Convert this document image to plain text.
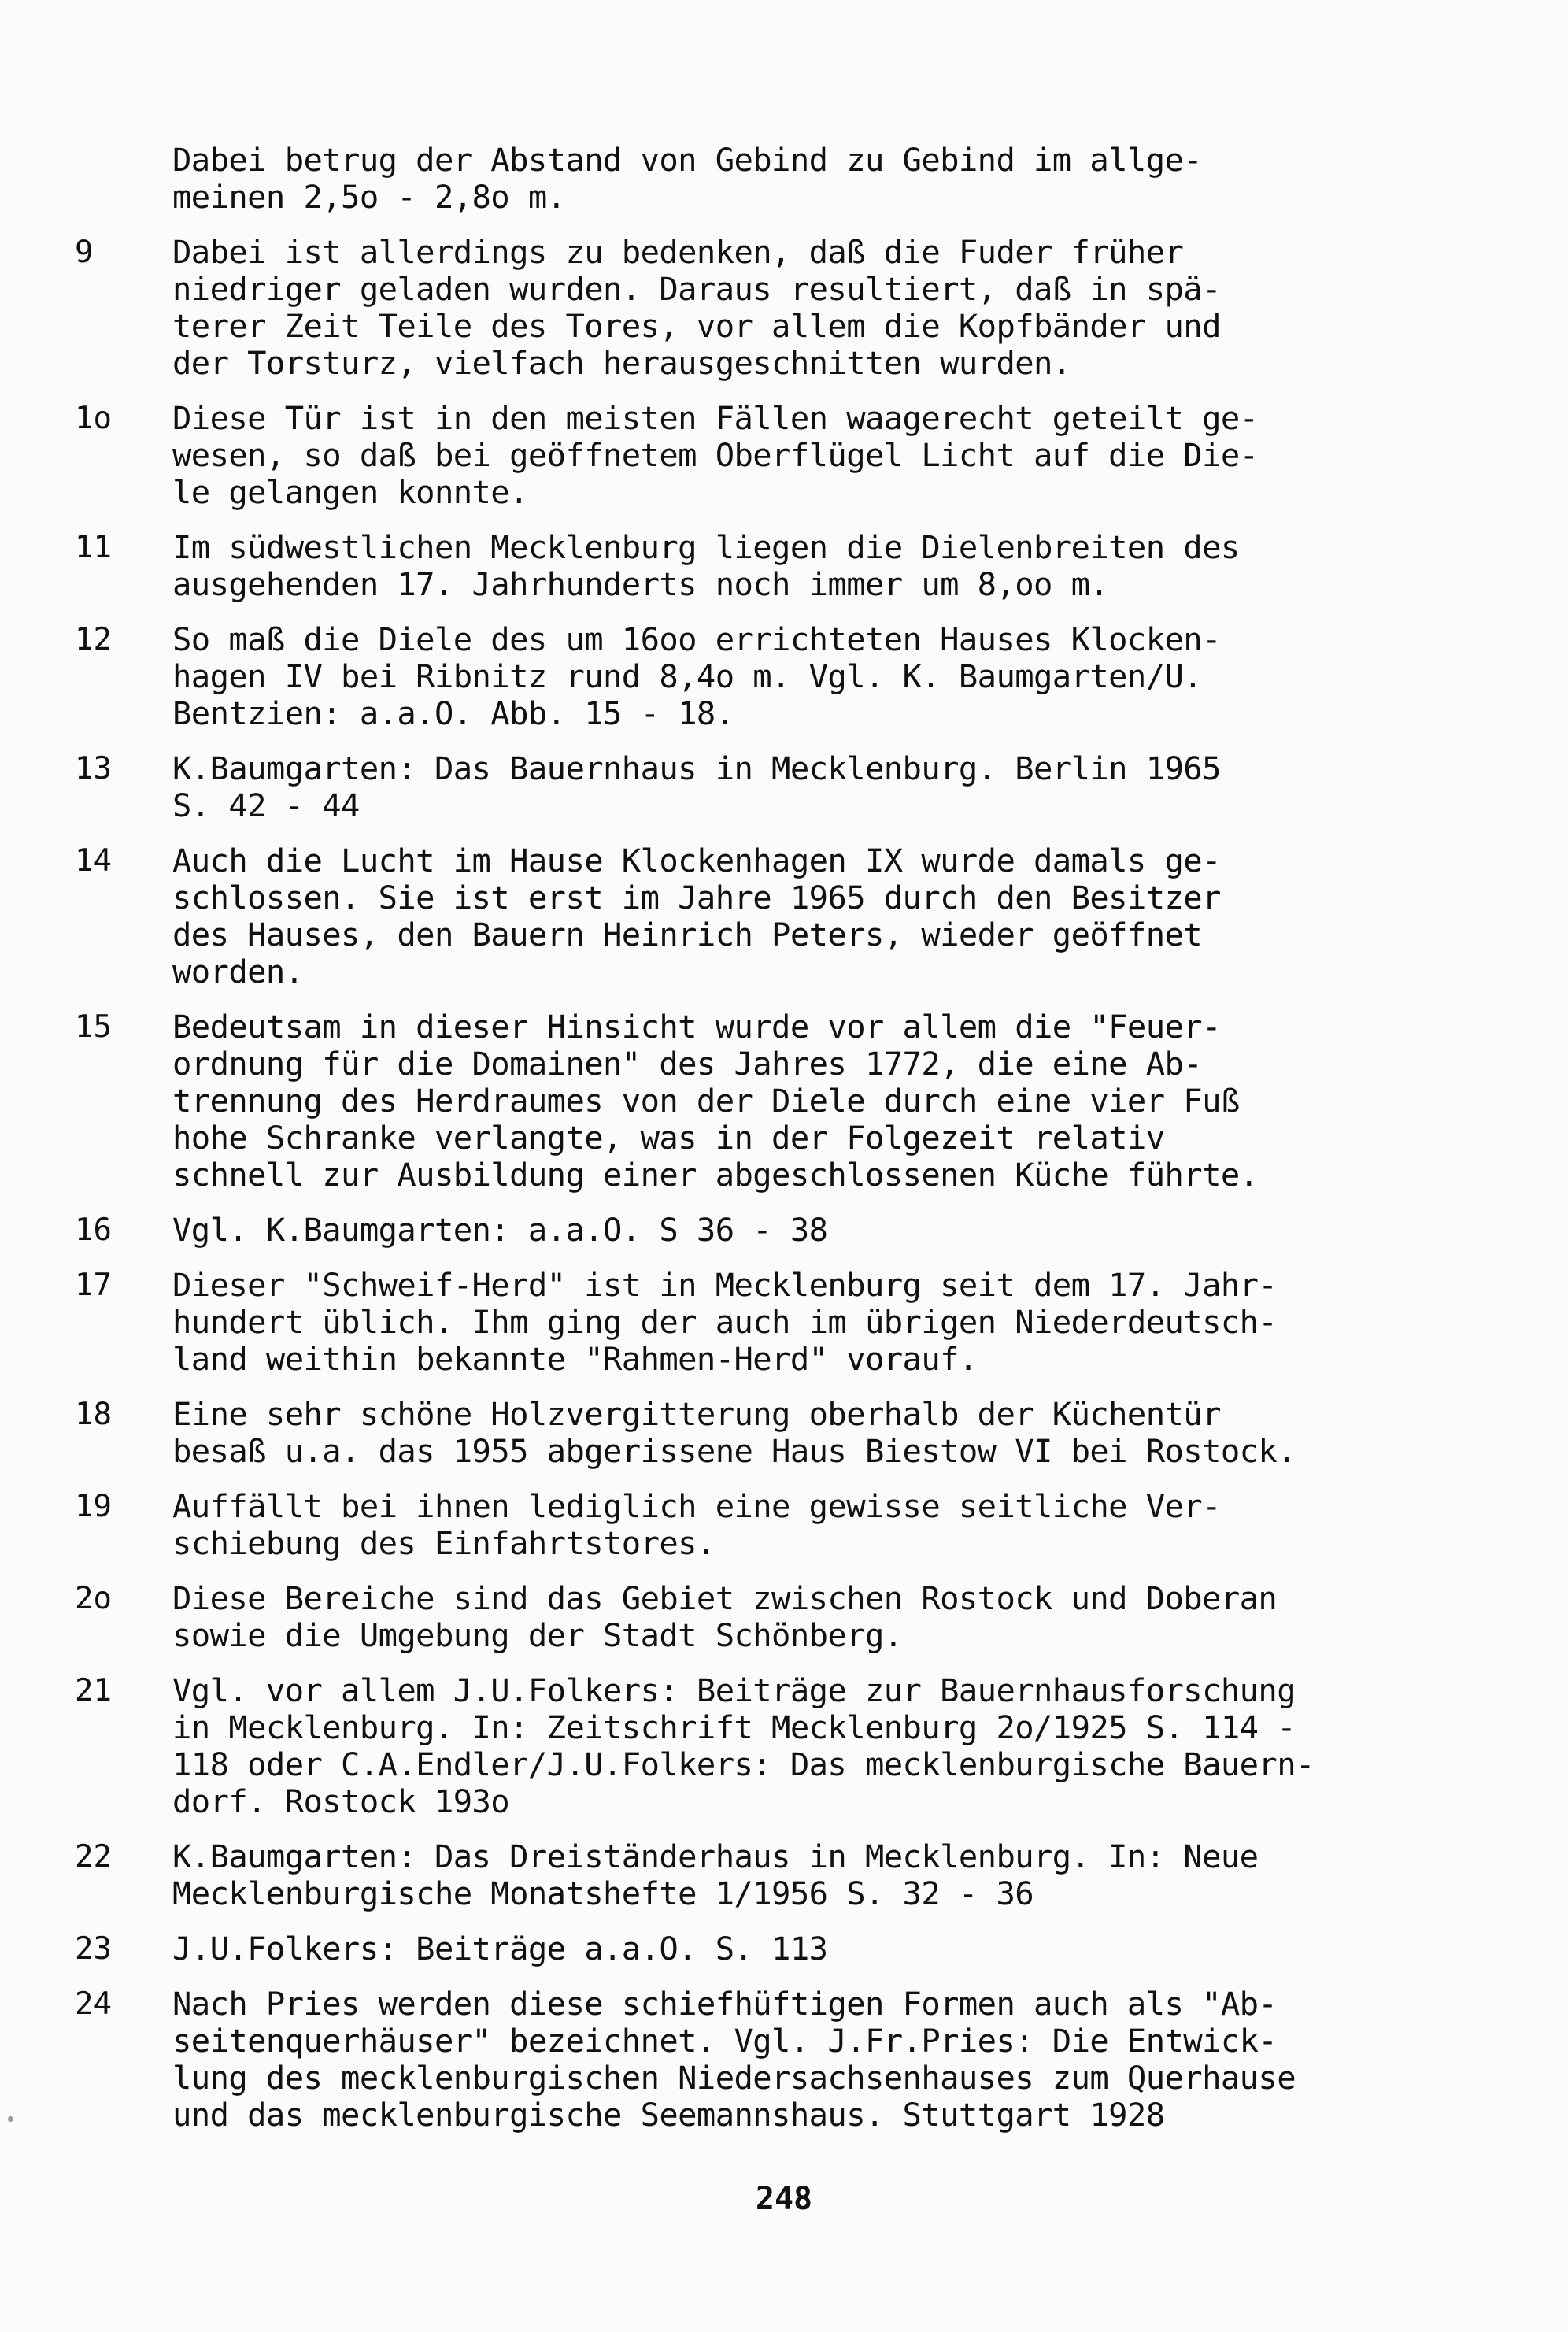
Dabei betrug der Abstand von Gebind zu Gebind im allge-
meinen 2,5o - 2,8o m.
9	Dabei ist allerdings zu bedenken, daß die Fuder früher
niedriger geladen wurden. Daraus resultiert, daß in spä-
terer Zeit Teile des Tores, vor allem die Kopfbänder und
der Torsturz, vielfach herausgeschnitten wurden.
1o	Diese Tür ist in den meisten Fällen waagerecht geteilt ge-
wesen, so daß bei geöffnetem Oberflügel Licht auf die Die-
le gelangen konnte.
11	Im südwestlichen Mecklenburg liegen die Dielenbreiten des
ausgehenden 17. Jahrhunderts noch immer um 8,oo m.
12	So maß die Diele des um 16oo errichteten Hauses Klocken-
hagen IV bei Ribnitz rund 8,4o m. Vgl. K. Baumgarten/U.
Bentzien: a.a.O. Abb. 15 - 18.
13	K.Baumgarten: Das Bauernhaus in Mecklenburg. Berlin 1965
S. 42 - 44
14	Auch die Lucht im Hause Klockenhagen IX wurde damals ge-
schlossen. Sie ist erst im Jahre 1965 durch den Besitzer
des Hauses, den Bauern Heinrich Peters, wieder geöffnet
worden.
15	Bedeutsam in dieser Hinsicht wurde vor allem die "Feuer-
ordnung für die Domainen" des Jahres 1772, die eine Ab-
trennung des Herdraumes von der Diele durch eine vier Fuß
hohe Schranke verlangte, was in der Folgezeit relativ
schnell zur Ausbildung einer abgeschlossenen Küche führte.
16	Vgl. K.Baumgarten: a.a.O. S 36 - 38
17	Dieser "Schweif-Herd" ist in Mecklenburg seit dem 17. Jahr-
hundert üblich. Ihm ging der auch im übrigen Niederdeutsch-
land weithin bekannte "Rahmen-Herd" vorauf.
18	Eine sehr schöne Holzvergitterung oberhalb der Küchentür
besaß u.a. das 1955 abgerissene Haus Biestow VI bei Rostock.
19	Auffällt bei ihnen lediglich eine gewisse seitliche Ver-
schiebung des Einfahrtstores.
2o	Diese Bereiche sind das Gebiet zwischen Rostock und Doberan
sowie die Umgebung der Stadt Schönberg.
21	Vgl. vor allem J.U.Folkers: Beiträge zur Bauernhausforschung
in Mecklenburg. In: Zeitschrift Mecklenburg 2o/1925 S. 114 -
118 oder C.A.Endler/J.U.Folkers: Das mecklenburgische Bauern-
dorf. Rostock 193o
22	K.Baumgarten: Das Dreiständerhaus in Mecklenburg. In: Neue
Mecklenburgische Monatshefte 1/1956 S. 32 - 36
23	J.U.Folkers: Beiträge a.a.O. S. 113
24	Nach Pries werden diese schiefhüftigen Formen auch als "Ab-
seitenquerhäuser" bezeichnet. Vgl. J.Fr.Pries: Die Entwick-
lung des mecklenburgischen Niedersachsenhauses zum Querhause
und das mecklenburgische Seemannshaus. Stuttgart 1928
248
